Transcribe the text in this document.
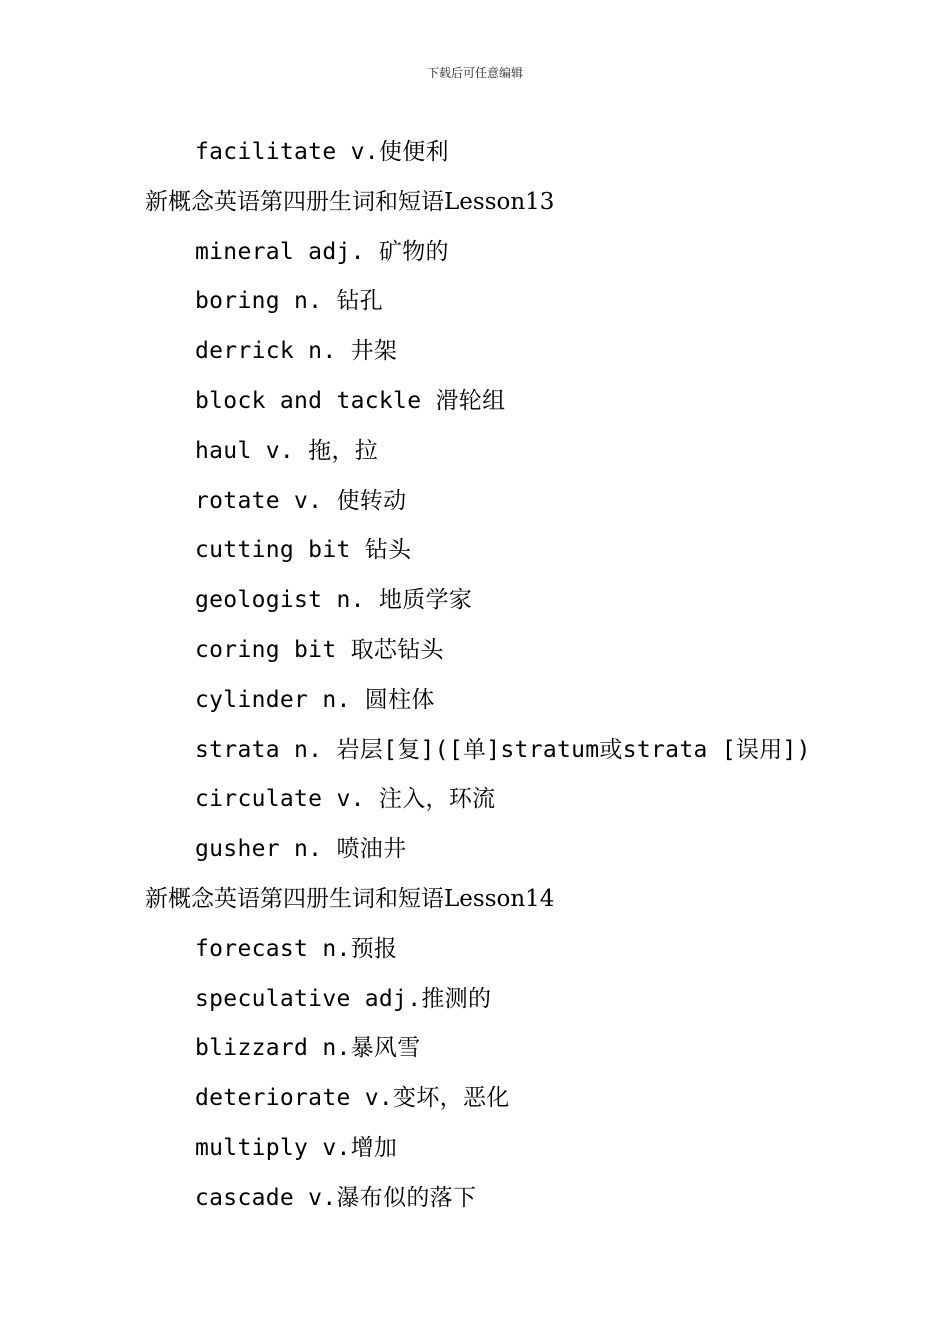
下载后可任意编辑
facilitate v.使便利
新概念英语第四册生词和短语Lesson13
mineral adj. 矿物的
boring n. 钻孔
derrick n. 井架
block and tackle 滑轮组
haul v. 拖，拉
rotate v. 使转动
cutting bit 钻头
geologist n. 地质学家
coring bit 取芯钻头
cylinder n. 圆柱体
strata n. 岩层[复]([单]stratum或strata [误用])
circulate v. 注入，环流
gusher n. 喷油井
新概念英语第四册生词和短语Lesson14
forecast n.预报
speculative adj.推测的
blizzard n.暴风雪
deteriorate v.变坏，恶化
multiply v.增加
cascade v.瀑布似的落下
